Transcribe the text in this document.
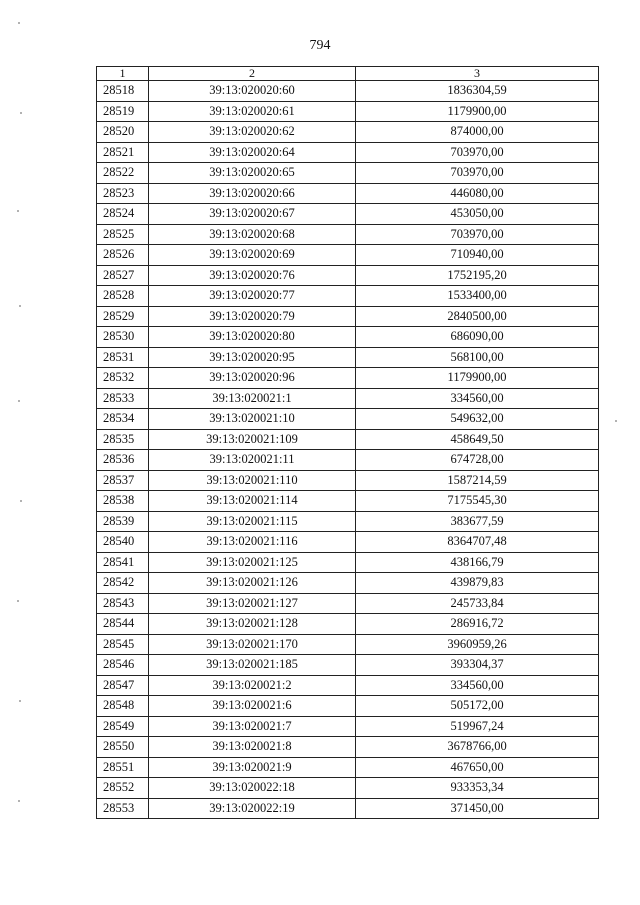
794
1	2	3
28518	39:13:020020:60	1836304,59
28519	39:13:020020:61	1179900,00
28520	39:13:020020:62	874000,00
28521	39:13:020020:64	703970,00
28522	39:13:020020:65	703970,00
28523	39:13:020020:66	446080,00
28524	39:13:020020:67	453050,00
28525	39:13:020020:68	703970,00
28526	39:13:020020:69	710940,00
28527	39:13:020020:76	1752195,20
28528	39:13:020020:77	1533400,00
28529	39:13:020020:79	2840500,00
28530	39:13:020020:80	686090,00
28531	39:13:020020:95	568100,00
28532	39:13:020020:96	1179900,00
28533	39:13:020021:1	334560,00
28534	39:13:020021:10	549632,00
28535	39:13:020021:109	458649,50
28536	39:13:020021:11	674728,00
28537	39:13:020021:110	1587214,59
28538	39:13:020021:114	7175545,30
28539	39:13:020021:115	383677,59
28540	39:13:020021:116	8364707,48
28541	39:13:020021:125	438166,79
28542	39:13:020021:126	439879,83
28543	39:13:020021:127	245733,84
28544	39:13:020021:128	286916,72
28545	39:13:020021:170	3960959,26
28546	39:13:020021:185	393304,37
28547	39:13:020021:2	334560,00
28548	39:13:020021:6	505172,00
28549	39:13:020021:7	519967,24
28550	39:13:020021:8	3678766,00
28551	39:13:020021:9	467650,00
28552	39:13:020022:18	933353,34
28553	39:13:020022:19	371450,00
